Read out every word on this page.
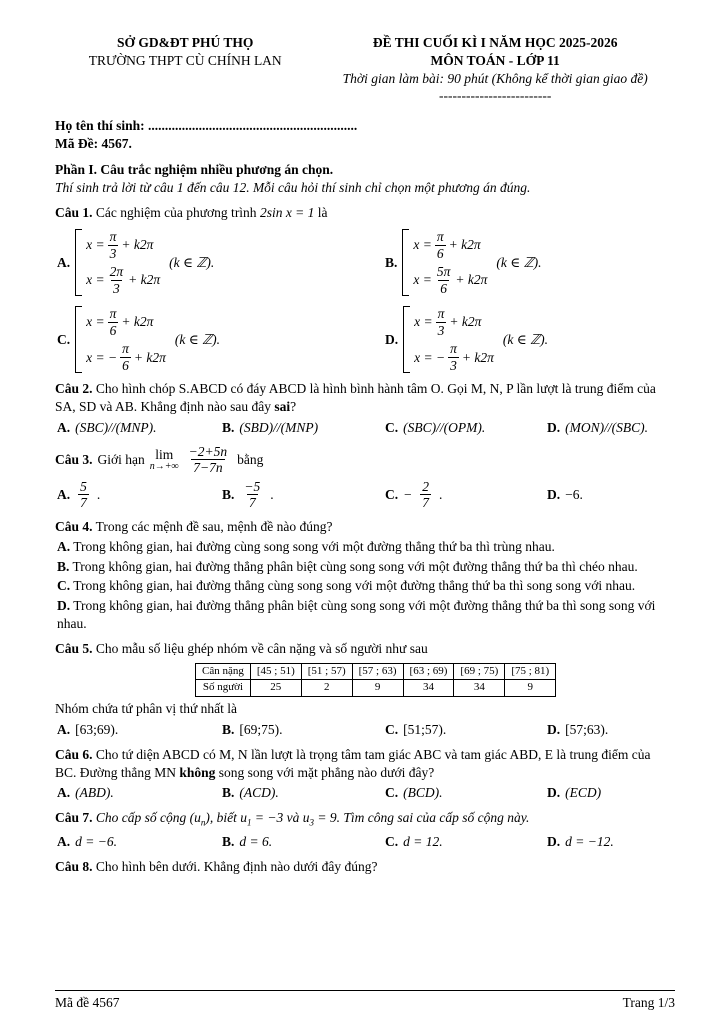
SỞ GD&ĐT PHÚ THỌ
TRƯỜNG THPT CÙ CHÍNH LAN
ĐỀ THI CUỐI KÌ I NĂM HỌC 2025-2026
MÔN TOÁN - LỚP 11
Thời gian làm bài: 90 phút (Không kể thời gian giao đề)
-------------------------

Họ tên thí sinh: ..............................................................

Mã Đề: 4567.

Phần I. Câu trắc nghiệm nhiều phương án chọn.

Thí sinh trả lời từ câu 1 đến câu 12. Mỗi câu hỏi thí sinh chỉ chọn một phương án đúng.

Câu 1. Các nghiệm của phương trình 2sin x = 1 là

A.
$x = \frac{\pi}{3} + k2\pi$
$x = \frac{2\pi}{3} + k2\pi$
(k ∈ ℤ).	B.
$x = \frac{\pi}{6} + k2\pi$
$x = \frac{5\pi}{6} + k2\pi$
(k ∈ ℤ).
C.
$x = \frac{\pi}{6} + k2\pi$
x = − $\frac{\pi}{6} + k2\pi$
(k ∈ ℤ).	D.
$x = \frac{\pi}{3} + k2\pi$
x = − $\frac{\pi}{3} + k2\pi$
(k ∈ ℤ).

Câu 2. Cho hình chóp S.ABCD có đáy ABCD là hình bình hành tâm O. Gọi M, N, P lần lượt là trung điểm của SA, SD và AB. Khẳng định nào sau đây sai?

A. (SBC)//(MNP).	B. (SBD)//(MNP)	C. (SBC)//(OPM).	D. (MON)//(SBC).

Câu 3. Giới hạn lim
$n\to+\infty \frac{-2+5n}{7-7n}$ bằng

A. $\frac{5}{7}$ .	B. $\frac{-5}{7}$ .	C. − $\frac{2}{7}$ .	D. −6.

Câu 4. Trong các mệnh đề sau, mệnh đề nào đúng?

A. Trong không gian, hai đường cùng song song với một đường thẳng thứ ba thì trùng nhau.

B. Trong không gian, hai đường thẳng phân biệt cùng song song với một đường thẳng thứ ba thì chéo nhau.

C. Trong không gian, hai đường thẳng cùng song song với một đường thẳng thứ ba thì song song với nhau.

D. Trong không gian, hai đường thẳng phân biệt cùng song song với một đường thẳng thứ ba thì song song với nhau.

Câu 5. Cho mẫu số liệu ghép nhóm về cân nặng và số người như sau

Cân nặng	[45 ; 51)	[51 ; 57)	[57 ; 63)	[63 ; 69)	[69 ; 75)	[75 ; 81)
Số người	25	2	9	34	34	9

Nhóm chứa tứ phân vị thứ nhất là

A. [63;69).	B. [69;75).	C. [51;57).	D. [57;63).

Câu 6. Cho tứ diện ABCD có M, N lần lượt là trọng tâm tam giác ABC và tam giác ABD, E là trung điểm của BC. Đường thẳng MN không song song với mặt phẳng nào dưới đây?

A. (ABD).	B. (ACD).	C. (BCD).	D. (ECD)

Câu 7. Cho cấp số cộng $(u_n)$, biết $u_1 = -3$ và $u_3 = 9$. Tìm công sai của cấp số cộng này.

A. d = −6.	B. d = 6.	C. d = 12.	D. d = −12.

Câu 8. Cho hình bên dưới. Khẳng định nào dưới đây đúng?

Mã đề 4567	Trang 1/3
